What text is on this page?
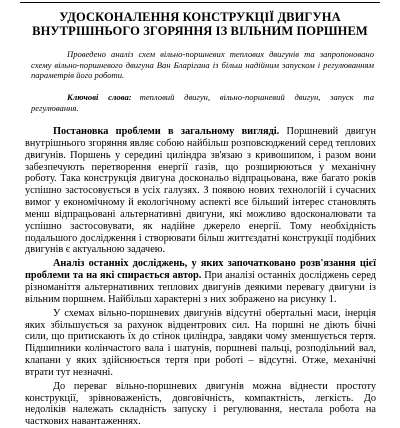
УДОСКОНАЛЕННЯ КОНСТРУКЦІЇ ДВИГУНА ВНУТРІШНЬОГО ЗГОРЯННЯ ІЗ ВІЛЬНИМ ПОРШНЕМ
Проведено аналіз схем вільно-поршневих теплових двигунів та запропоновано схему вільно-поршневого двигуна Ван Бларігана із більш надійним запуском і регулюванням параметрів його роботи.
Ключові слова: тепловий двигун, вільно-поршневий двигун, запуск та регулювання.

Постановка проблеми в загальному вигляді. Поршневий двигун внутрішнього згоряння являє собою найбільш розповсюджений серед теплових двигунів. Поршень у середині циліндра зв'язаю з кривошипом, і разом вони забезпечують перетворення енергії газів, що розширюються у механічну роботу. Така конструкція двигуна доскональо відпрацьована, вже багато років успішно застосовується в усіх галузях. З появою нових технологій і сучасних вимог у економічному й екологічному аспекті все більший інтерес становлять менш відпрацьовані альтернативні двигуни, які можливо вдосконалювати та успішно застосовувати, як надійне джерело енергії. Тому необхідність подальшого дослідження і створювати більш життєздатні конструкції подібних двигунів є актуальною задачею.

Аналіз останніх досліджень, у яких започатковано розв'язання цієї проблеми та на які спирається автор. При аналізі останніх досліджень серед різноманіття альтернативних теплових двигунів деякими перевагу двигуни із вільним поршнем. Найбільш характерні з них зображено на рисунку 1.

У схемах вільно-поршневих двигунів відсутні обертальні маси, інерція яких збільшується за рахунок відцентрових сил. На поршні не діють бічні сили, що притискають їх до стінок циліндра, завдяки чому зменшується тертя. Підшипники колінчастого вала і шатунів, поршневі пальці, розподільний вал, клапани у яких здійснюється тертя при роботі – відсутні. Отже, механічні втрати тут незначні.

До переваг вільно-поршневих двигунів можна віднести простоту конструкції, зрівноваженість, довговічність, компактність, легкість. До недоліків належать складність запуску і регулювання, нестала робота на часткових навантаженнях.
